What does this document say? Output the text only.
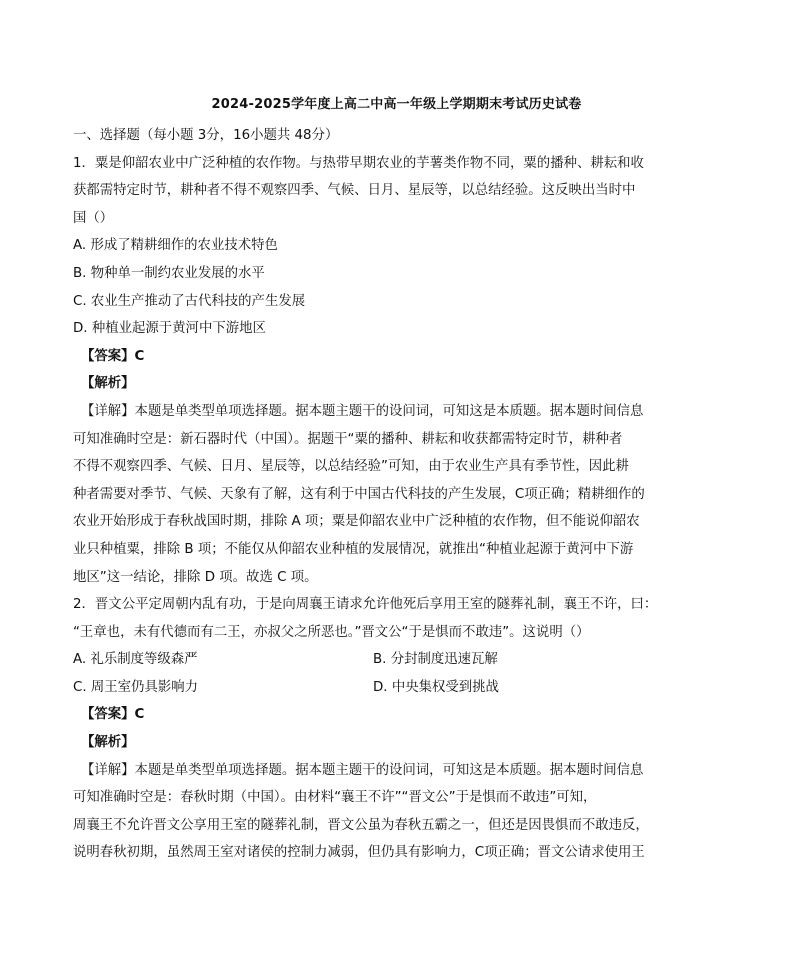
2024-2025学年度上高二中高一年级上学期期末考试历史试卷
一、选择题（每小题 3分，16小题共 48分）
1．粟是仰韶农业中广泛种植的农作物。与热带早期农业的芋薯类作物不同，粟的播种、耕耘和收
获都需特定时节，耕种者不得不观察四季、气候、日月、星辰等，以总结经验。这反映出当时中
国（）
A. 形成了精耕细作的农业技术特色
B. 物种单一制约农业发展的水平
C. 农业生产推动了古代科技的产生发展
D. 种植业起源于黄河中下游地区
【答案】C
【解析】
【详解】本题是单类型单项选择题。据本题主题干的设问词，可知这是本质题。据本题时间信息
可知准确时空是：新石器时代（中国）。据题干“粟的播种、耕耘和收获都需特定时节，耕种者
不得不观察四季、气候、日月、星辰等，以总结经验”可知，由于农业生产具有季节性，因此耕
种者需要对季节、气候、天象有了解，这有利于中国古代科技的产生发展，C项正确；精耕细作的
农业开始形成于春秋战国时期，排除 A 项；粟是仰韶农业中广泛种植的农作物，但不能说仰韶农
业只种植粟，排除 B 项；不能仅从仰韶农业种植的发展情况，就推出“种植业起源于黄河中下游
地区”这一结论，排除 D 项。故选 C 项。
2．晋文公平定周朝内乱有功，于是向周襄王请求允许他死后享用王室的隧葬礼制，襄王不许，曰：
“王章也，未有代德而有二王，亦叔父之所恶也。”晋文公“于是惧而不敢违”。这说明（）
A. 礼乐制度等级森严	B. 分封制度迅速瓦解
C. 周王室仍具影响力	D. 中央集权受到挑战
【答案】C
【解析】
【详解】本题是单类型单项选择题。据本题主题干的设问词，可知这是本质题。据本题时间信息
可知准确时空是：春秋时期（中国）。由材料“襄王不许”“晋文公”于是惧而不敢违”可知，
周襄王不允许晋文公享用王室的隧葬礼制，晋文公虽为春秋五霸之一，但还是因畏惧而不敢违反，
说明春秋初期，虽然周王室对诸侯的控制力减弱，但仍具有影响力，C项正确；晋文公请求使用王
